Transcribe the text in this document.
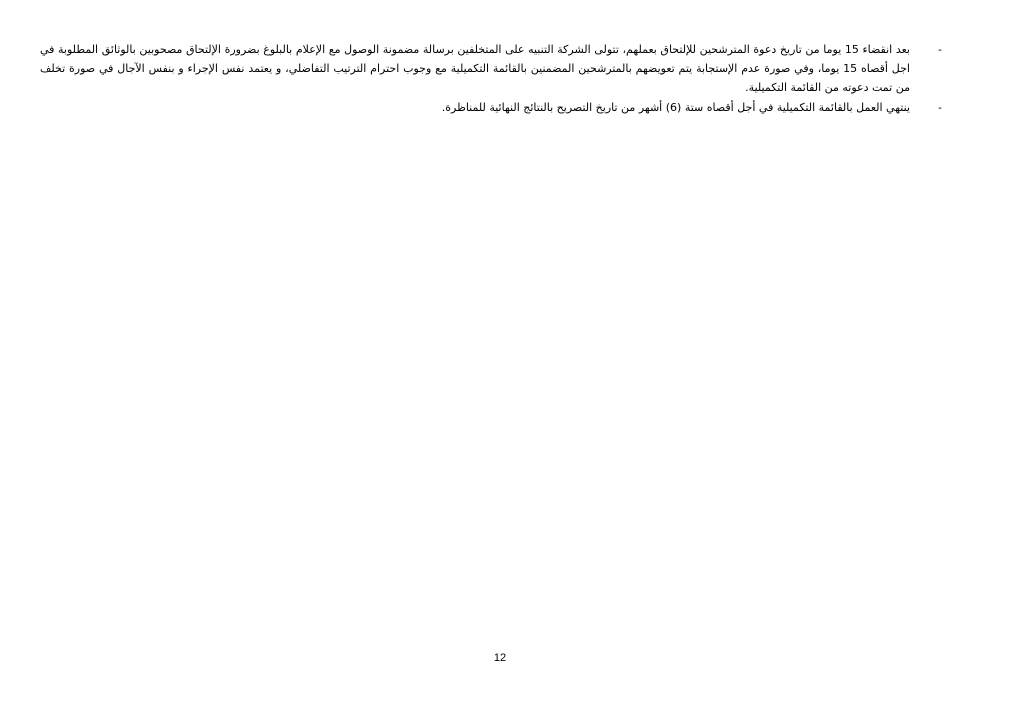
-
بعد انقضاء 15 يوما من تاريخ دعوة المترشحين للإلتحاق بعملهم، تتولى الشركة التنبيه على المتخلفين برسالة مضمونة الوصول مع الإعلام بالبلوغ بضرورة الإلتحاق مصحوبين بالوثائق المطلوبة في اجل أقصاه 15 يوما، وفي صورة عدم الإستجابة يتم تعويضهم بالمترشحين المضمنين بالقائمة التكميلية مع وجوب احترام الترتيب التفاضلي، و يعتمد نفس الإجراء و بنفس الآجال في صورة تخلف من تمت دعوته من القائمة التكميلية.
-
ينتهي العمل بالقائمة التكميلية في أجل أقصاه ستة (6) أشهر من تاريخ التصريح بالنتائج النهائية للمناظرة.
12
